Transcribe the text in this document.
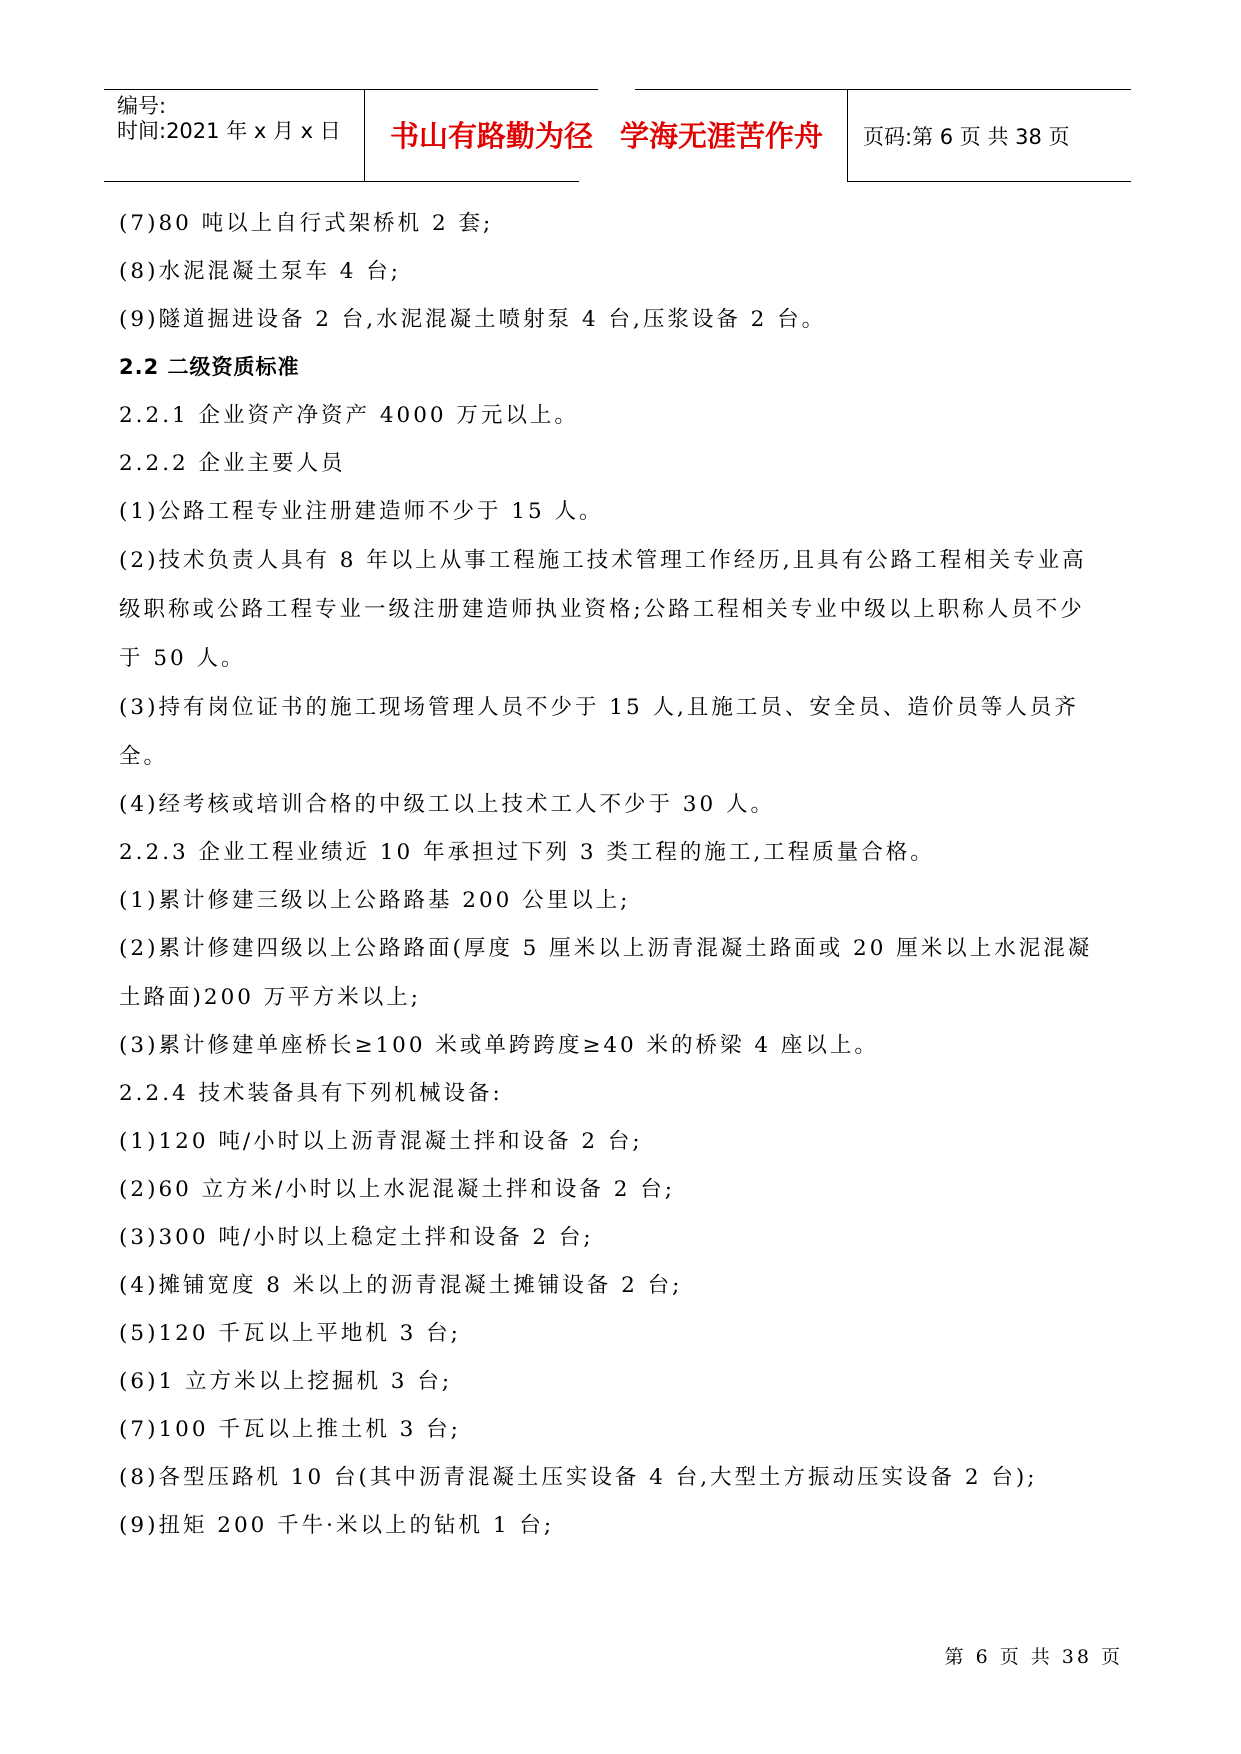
编号:
时间:2021 年 x 月 x 日 书山有路勤为径 学海无涯苦作舟 页码:第 6 页 共 38 页
(7)80 吨以上自行式架桥机 2 套;
(8)水泥混凝土泵车 4 台;
(9)隧道掘进设备 2 台,水泥混凝土喷射泵 4 台,压浆设备 2 台。
2.2 二级资质标准
2.2.1 企业资产净资产 4000 万元以上。
2.2.2 企业主要人员
(1)公路工程专业注册建造师不少于 15 人。
(2)技术负责人具有 8 年以上从事工程施工技术管理工作经历,且具有公路工程相关专业高
级职称或公路工程专业一级注册建造师执业资格;公路工程相关专业中级以上职称人员不少
于 50 人。
(3)持有岗位证书的施工现场管理人员不少于 15 人,且施工员、安全员、造价员等人员齐
全。
(4)经考核或培训合格的中级工以上技术工人不少于 30 人。
2.2.3 企业工程业绩近 10 年承担过下列 3 类工程的施工,工程质量合格。
(1)累计修建三级以上公路路基 200 公里以上;
(2)累计修建四级以上公路路面(厚度 5 厘米以上沥青混凝土路面或 20 厘米以上水泥混凝
土路面)200 万平方米以上;
(3)累计修建单座桥长≥100 米或单跨跨度≥40 米的桥梁 4 座以上。
2.2.4 技术装备具有下列机械设备:
(1)120 吨/小时以上沥青混凝土拌和设备 2 台;
(2)60 立方米/小时以上水泥混凝土拌和设备 2 台;
(3)300 吨/小时以上稳定土拌和设备 2 台;
(4)摊铺宽度 8 米以上的沥青混凝土摊铺设备 2 台;
(5)120 千瓦以上平地机 3 台;
(6)1 立方米以上挖掘机 3 台;
(7)100 千瓦以上推土机 3 台;
(8)各型压路机 10 台(其中沥青混凝土压实设备 4 台,大型土方振动压实设备 2 台);
(9)扭矩 200 千牛·米以上的钻机 1 台;
第 6 页 共 38 页
